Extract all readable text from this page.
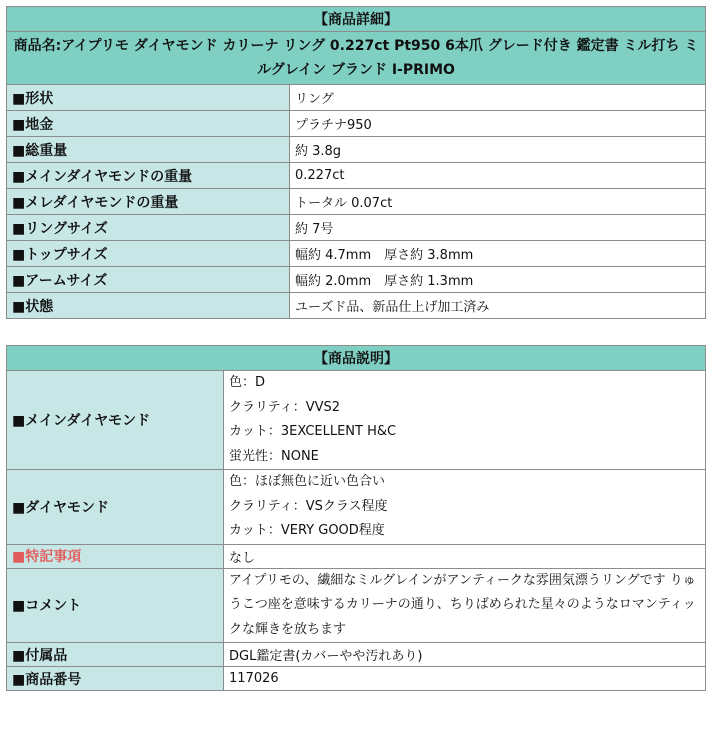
【商品詳細】	
商品名:アイプリモ ダイヤモンド カリーナ リング 0.227ct Pt950 6本爪 グレード付き 鑑定書 ミル打ち ミルグレイン ブランド I-PRIMO	
■形状	リング
■地金	プラチナ950
■総重量	約 3.8g
■メインダイヤモンドの重量	0.227ct
■メレダイヤモンドの重量	トータル 0.07ct
■リングサイズ	約 7号
■トップサイズ	幅約 4.7mm　厚さ約 3.8mm
■アームサイズ	幅約 2.0mm　厚さ約 1.3mm
■状態	ユーズド品、新品仕上げ加工済み
【商品説明】	
■メインダイヤモンド	色：D
クラリティ：VVS2
カット：3EXCELLENT H&C
蛍光性：NONE

■ダイヤモンド	色：ほぼ無色に近い色合い
クラリティ：VSクラス程度
カット：VERY GOOD程度

■特記事項	なし
■コメント	アイプリモの、繊細なミルグレインがアンティークな雰囲気漂うリングです りゅうこつ座を意味するカリーナの通り、ちりばめられた星々のようなロマンティックな輝きを放ちます
■付属品	DGL鑑定書(カバーやや汚れあり)
■商品番号	117026
